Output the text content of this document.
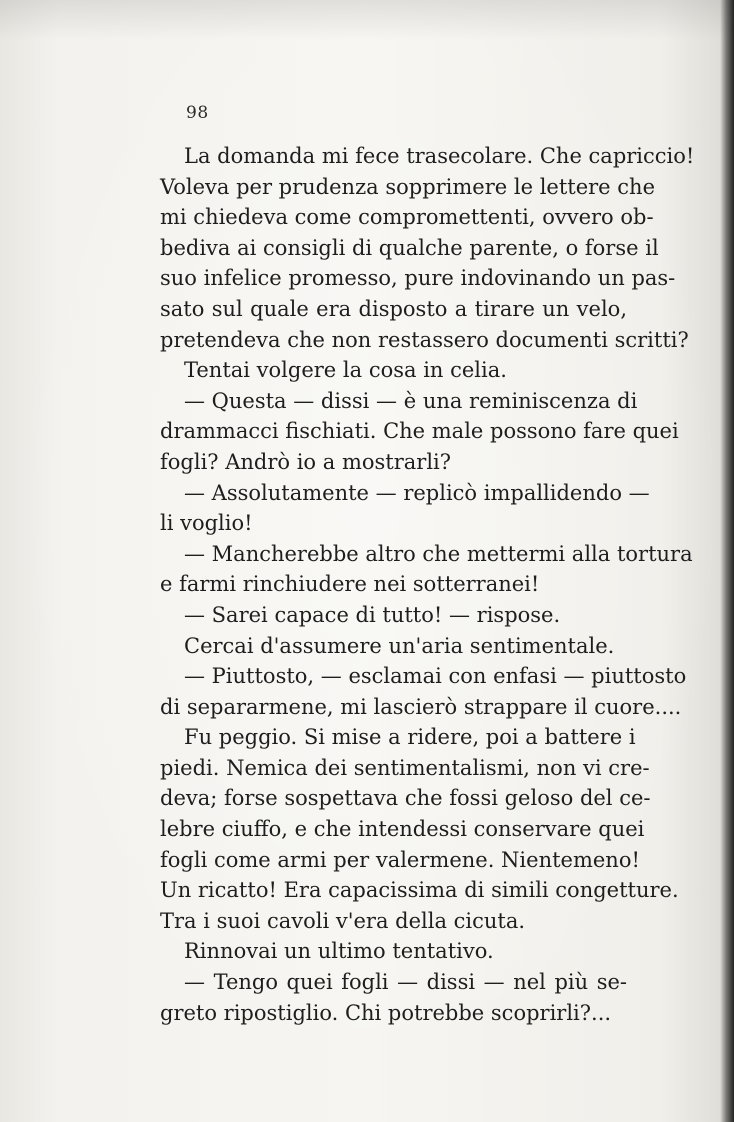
98
La domanda mi fece trasecolare. Che capriccio!
Voleva per prudenza sopprimere le lettere che
mi chiedeva come compromettenti, ovvero ob-
bediva ai consigli di qualche parente, o forse il
suo infelice promesso, pure indovinando un pas-
sato sul quale era disposto a tirare un velo,
pretendeva che non restassero documenti scritti?
Tentai volgere la cosa in celia.
— Questa — dissi — è una reminiscenza di
drammacci fischiati. Che male possono fare quei
fogli? Andrò io a mostrarli?
— Assolutamente — replicò impallidendo —
li voglio!
— Mancherebbe altro che mettermi alla tortura
e farmi rinchiudere nei sotterranei!
— Sarei capace di tutto! — rispose.
Cercai d'assumere un'aria sentimentale.
— Piuttosto, — esclamai con enfasi — piuttosto
di separarmene, mi lascierò strappare il cuore....
Fu peggio. Si mise a ridere, poi a battere i
piedi. Nemica dei sentimentalismi, non vi cre-
deva; forse sospettava che fossi geloso del ce-
lebre ciuffo, e che intendessi conservare quei
fogli come armi per valermene. Nientemeno!
Un ricatto! Era capacissima di simili congetture.
Tra i suoi cavoli v'era della cicuta.
Rinnovai un ultimo tentativo.
— Tengo quei fogli — dissi — nel più se-
greto ripostiglio. Chi potrebbe scoprirli?...
